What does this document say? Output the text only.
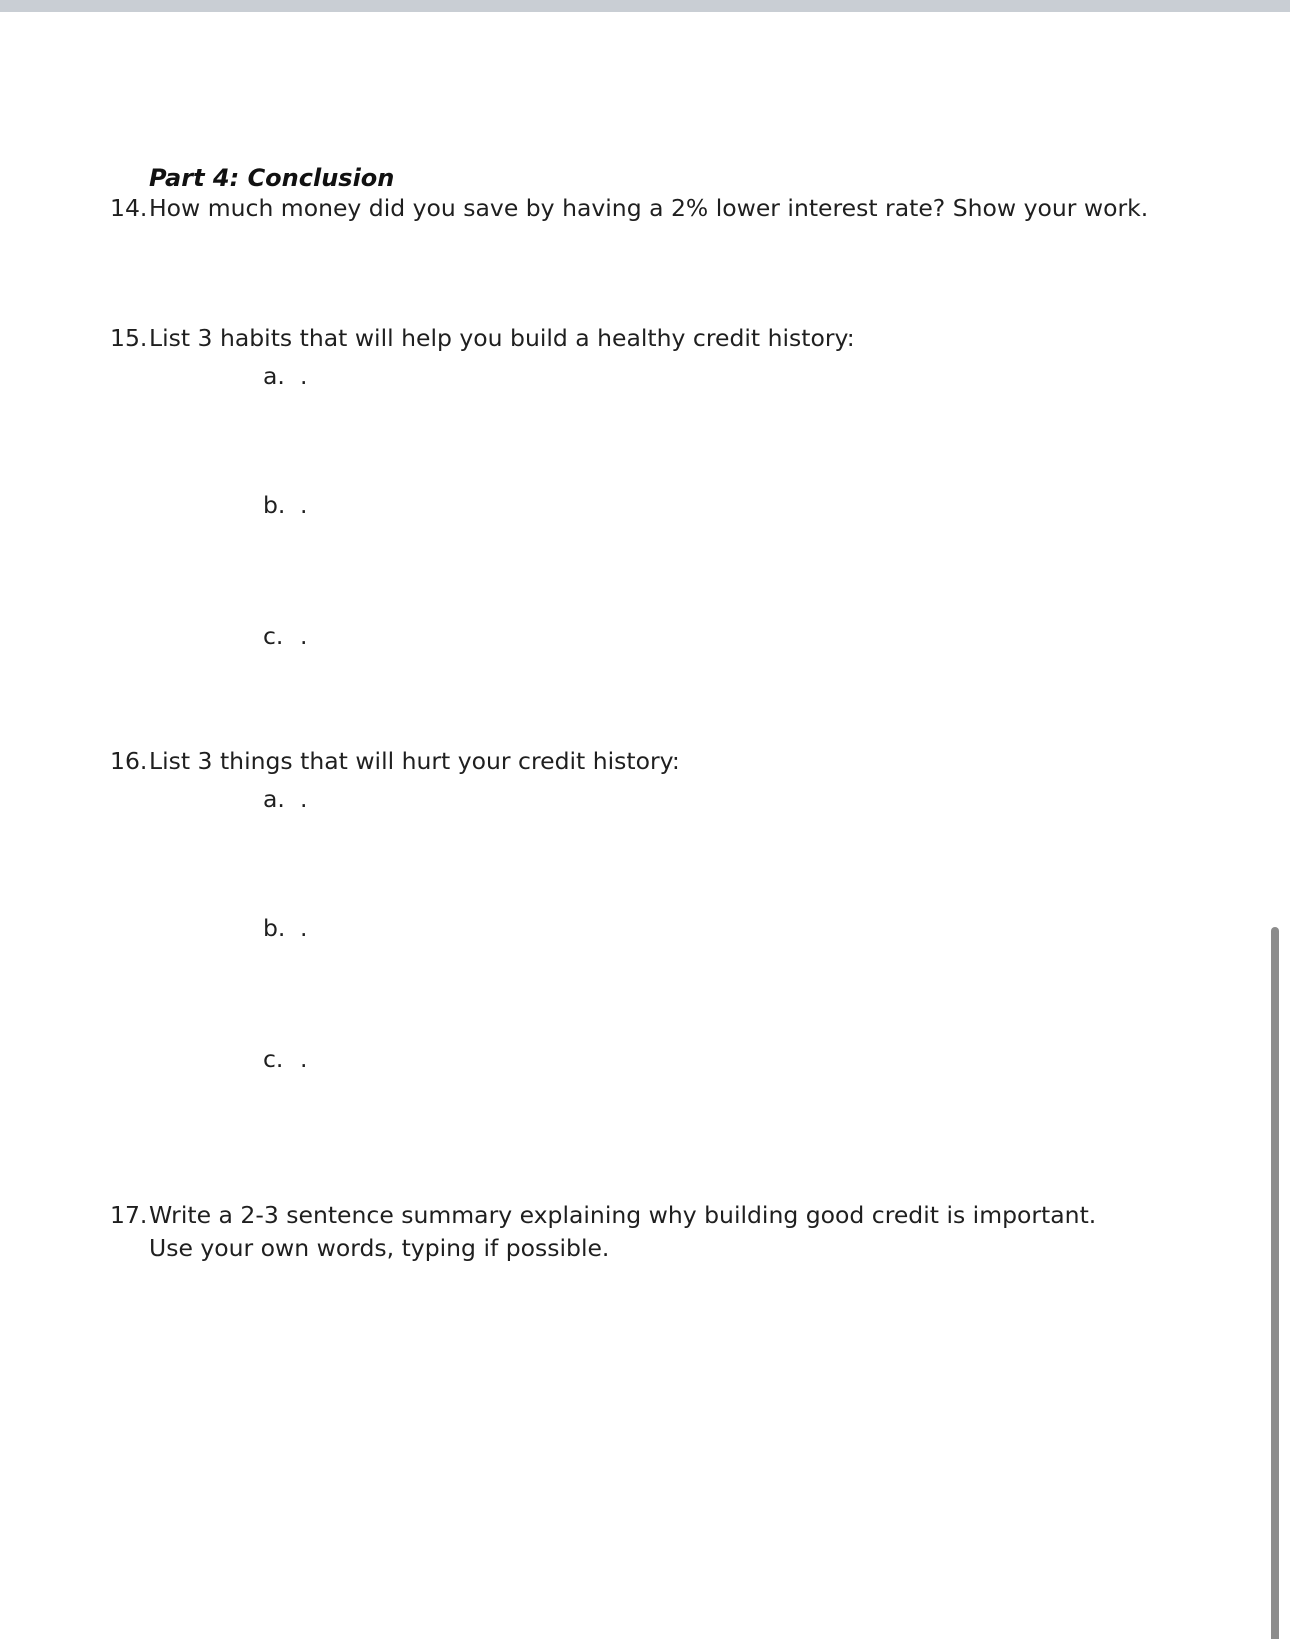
Part 4: Conclusion
14.How much money did you save by having a 2% lower interest rate? Show your work.
15.List 3 habits that will help you build a healthy credit history:
a. .
b. .
c. .
16.List 3 things that will hurt your credit history:
a. .
b. .
c. .
17.Write a 2-3 sentence summary explaining why building good credit is important.
Use your own words, typing if possible.
